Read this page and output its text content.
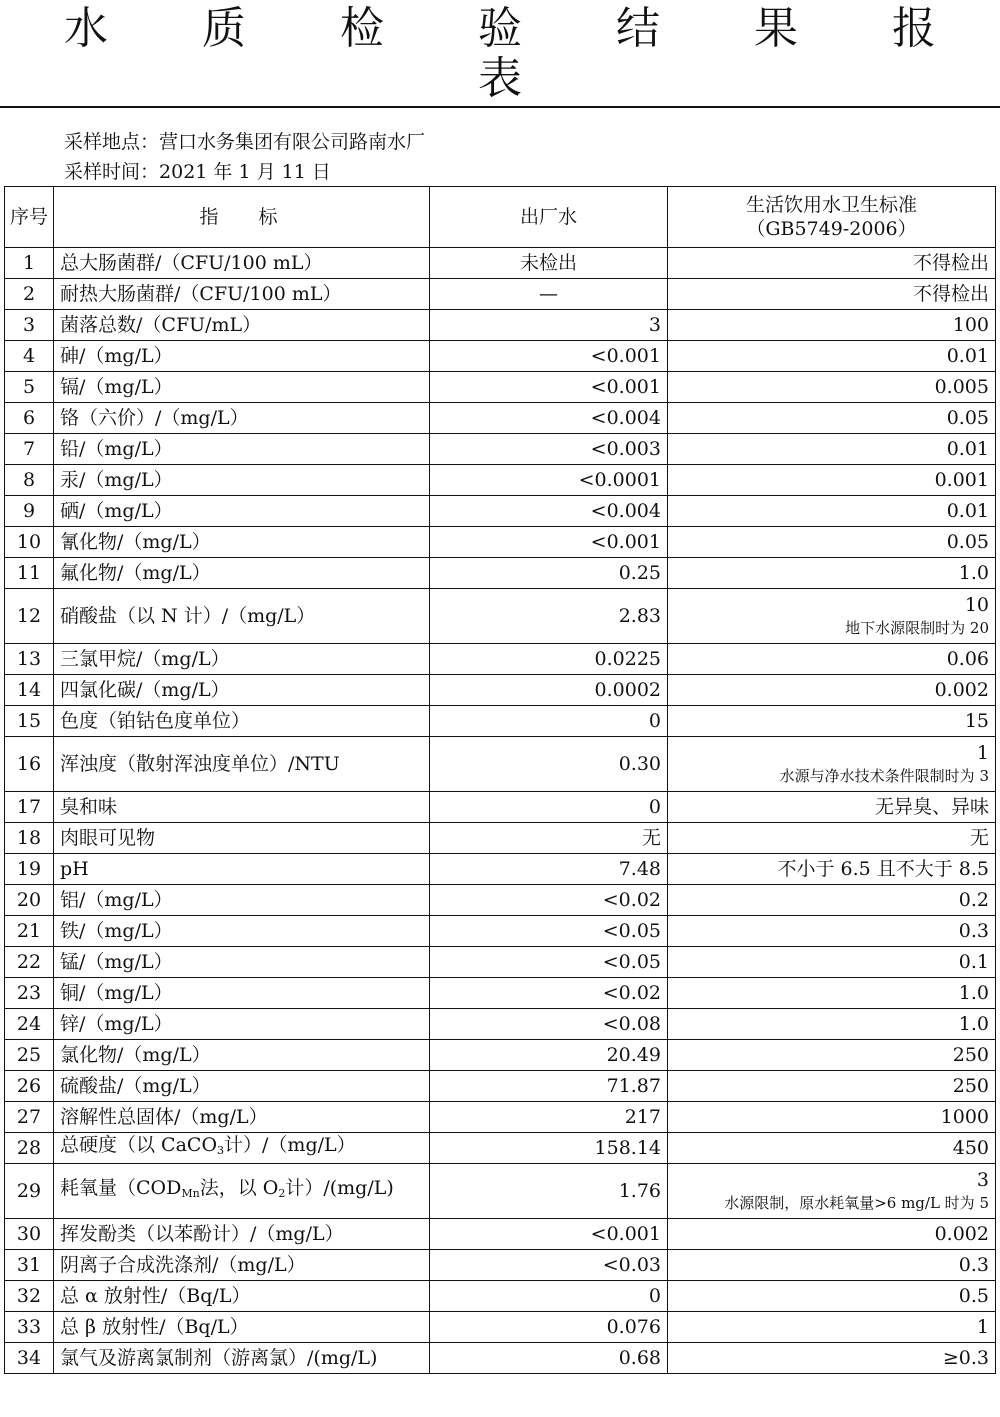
水 质 检 验 结 果 报 表
采样地点：营口水务集团有限公司路南水厂
采样时间：2021 年 1 月 11 日
序号	指标	出厂水	生活饮用水卫生标准
（GB5749-2006）

1	总大肠菌群/（CFU/100 mL）	未检出	不得检出
2	耐热大肠菌群/（CFU/100 mL）	—	不得检出
3	菌落总数/（CFU/mL）	3	100
4	砷/（mg/L）	<0.001	0.01
5	镉/（mg/L）	<0.001	0.005
6	铬（六价）/（mg/L）	<0.004	0.05
7	铅/（mg/L）	<0.003	0.01
8	汞/（mg/L）	<0.0001	0.001
9	硒/（mg/L）	<0.004	0.01
10	氰化物/（mg/L）	<0.001	0.05
11	氟化物/（mg/L）	0.25	1.0
12	硝酸盐（以 N 计）/（mg/L）	2.83	10
地下水源限制时为 20

13	三氯甲烷/（mg/L）	0.0225	0.06
14	四氯化碳/（mg/L）	0.0002	0.002
15	色度（铂钴色度单位）	0	15
16	浑浊度（散射浑浊度单位）/NTU	0.30	1
水源与净水技术条件限制时为 3

17	臭和味	0	无异臭、异味
18	肉眼可见物	无	无
19	pH	7.48	不小于 6.5 且不大于 8.5
20	铝/（mg/L）	<0.02	0.2
21	铁/（mg/L）	<0.05	0.3
22	锰/（mg/L）	<0.05	0.1
23	铜/（mg/L）	<0.02	1.0
24	锌/（mg/L）	<0.08	1.0
25	氯化物/（mg/L）	20.49	250
26	硫酸盐/（mg/L）	71.87	250
27	溶解性总固体/（mg/L）	217	1000
28	总硬度（以 CaCO$_3$计）/（mg/L）	158.14	450
29	耗氧量（$COD_{Mn}$法，以 $O_2$计）/(mg/L)	1.76	3
水源限制，原水耗氧量>6 mg/L 时为 5

30	挥发酚类（以苯酚计）/（mg/L）	<0.001	0.002
31	阴离子合成洗涤剂/（mg/L）	<0.03	0.3
32	总 α 放射性/（Bq/L）	0	0.5
33	总 β 放射性/（Bq/L）	0.076	1
34	氯气及游离氯制剂（游离氯）/(mg/L)	0.68	≥0.3
